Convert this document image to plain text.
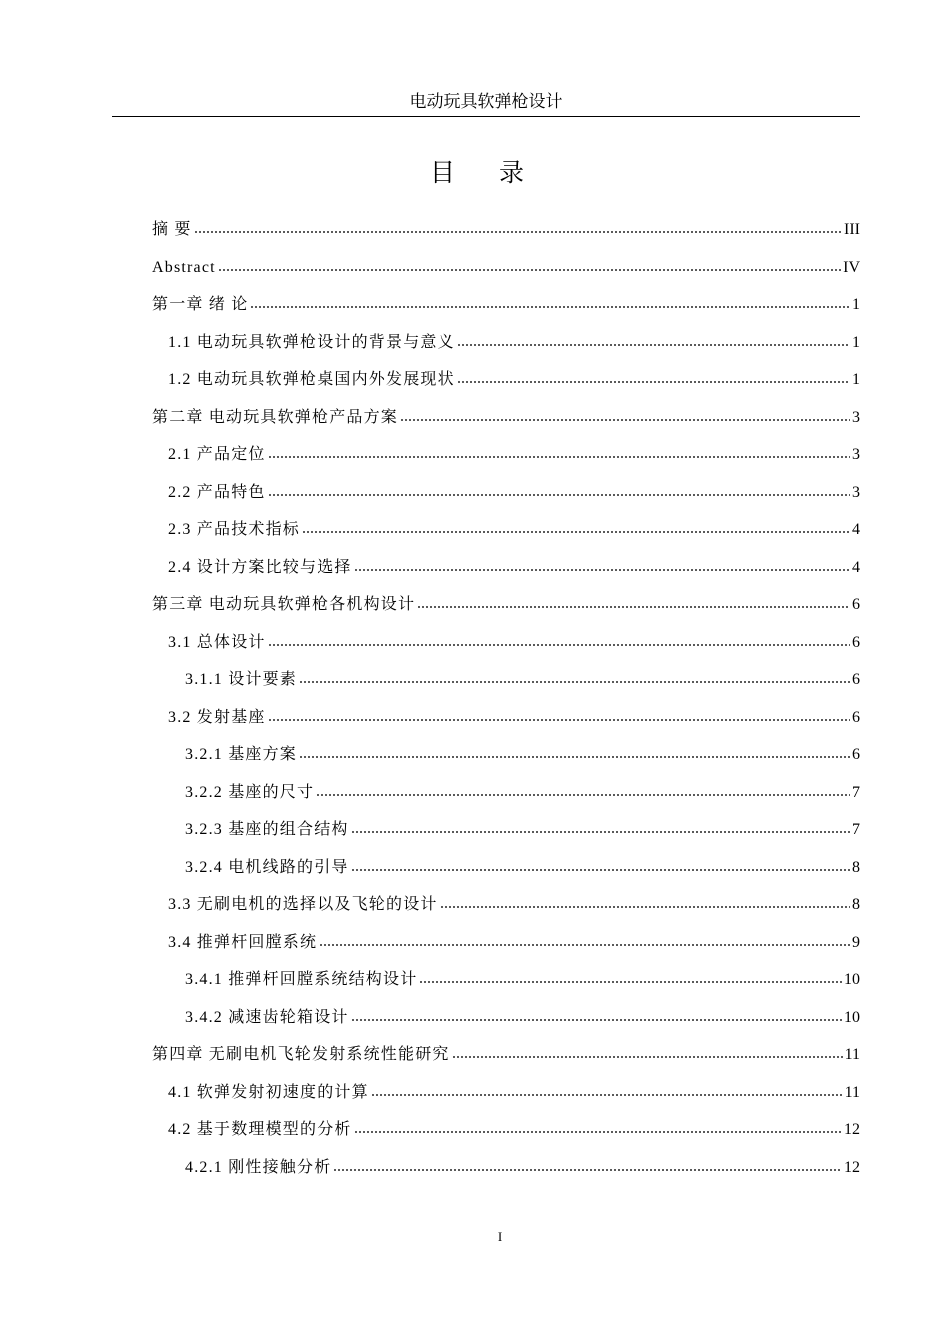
电动玩具软弹枪设计
目 录
摘 要	III
Abstract	IV
第一章 绪 论	1
1.1 电动玩具软弹枪设计的背景与意义	1
1.2 电动玩具软弹枪桌国内外发展现状	1
第二章 电动玩具软弹枪产品方案	3
2.1 产品定位	3
2.2 产品特色	3
2.3 产品技术指标	4
2.4 设计方案比较与选择	4
第三章 电动玩具软弹枪各机构设计	6
3.1 总体设计	6
3.1.1 设计要素	6
3.2 发射基座	6
3.2.1 基座方案	6
3.2.2 基座的尺寸	7
3.2.3 基座的组合结构	7
3.2.4 电机线路的引导	8
3.3 无刷电机的选择以及飞轮的设计	8
3.4 推弹杆回膛系统	9
3.4.1 推弹杆回膛系统结构设计	10
3.4.2 减速齿轮箱设计	10
第四章 无刷电机飞轮发射系统性能研究	11
4.1 软弹发射初速度的计算	11
4.2 基于数理模型的分析	12
4.2.1 刚性接触分析	12
I
